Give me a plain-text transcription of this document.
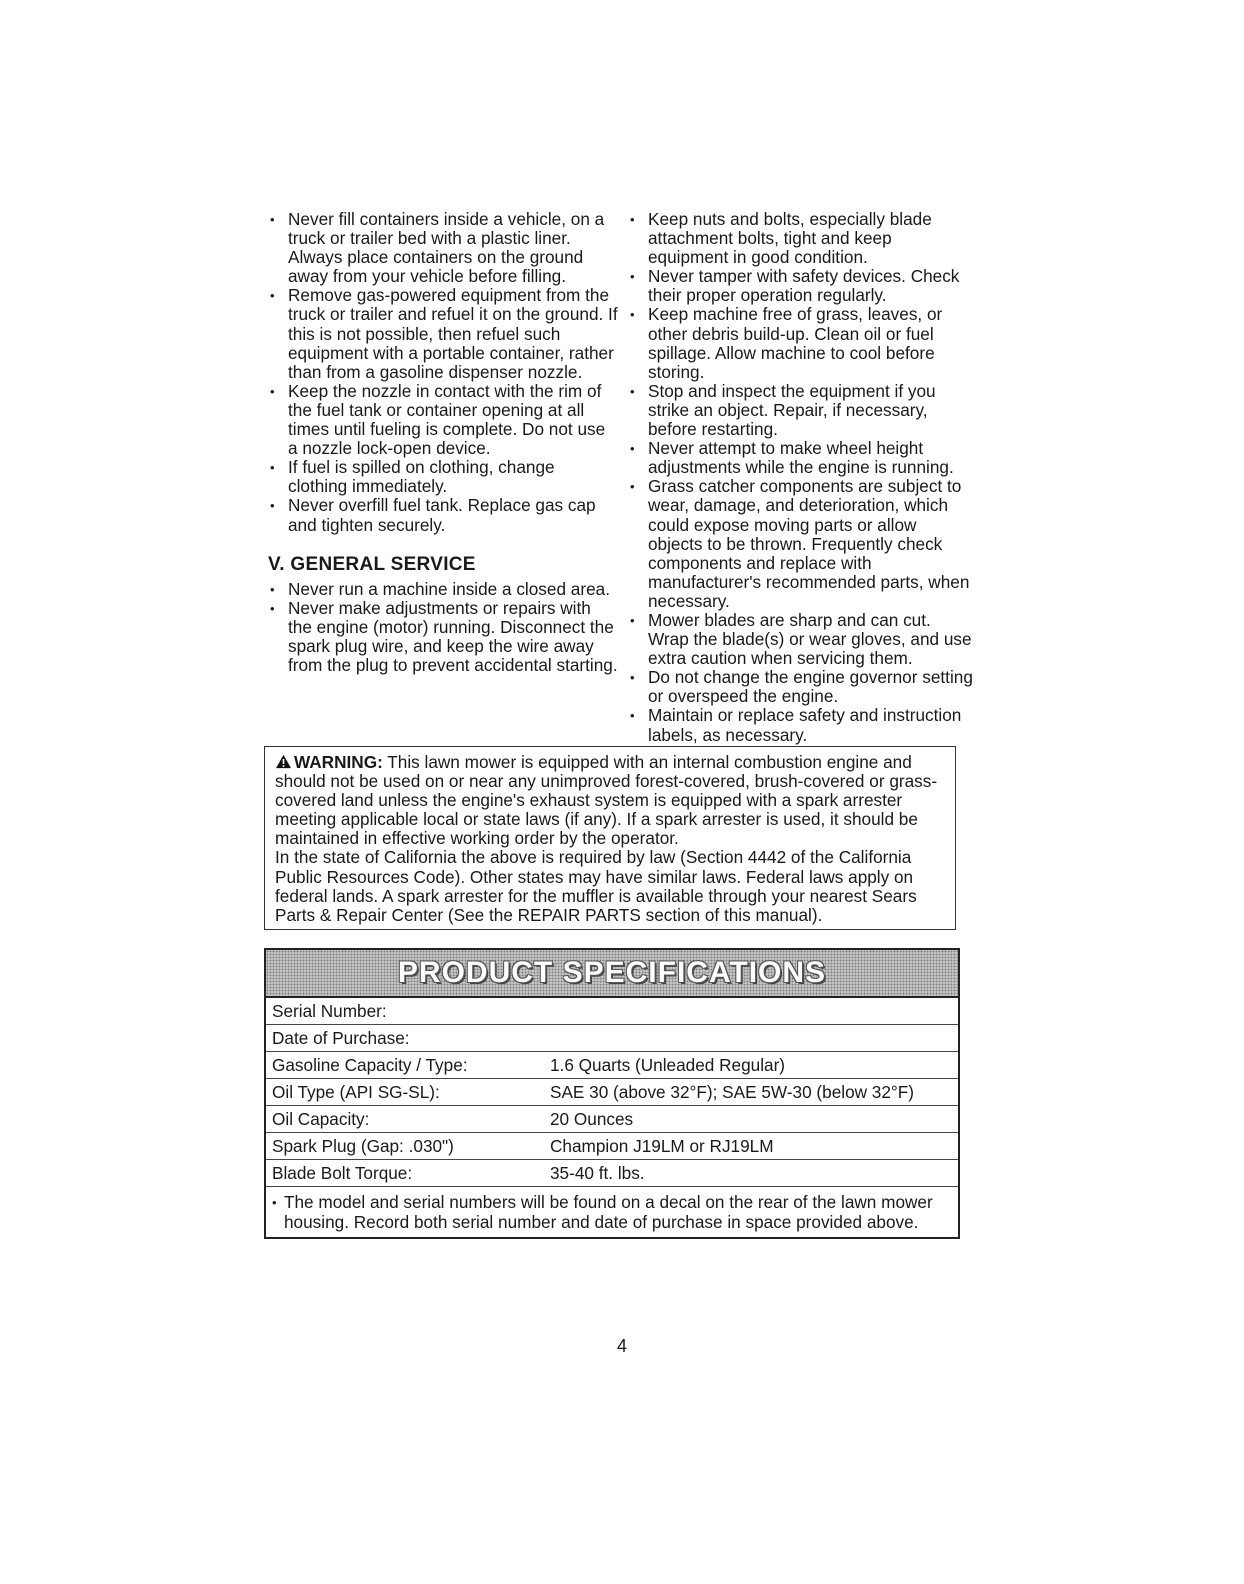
• Never fill containers inside a vehicle, on a truck or trailer bed with a plastic liner. Always place containers on the ground away from your vehicle before filling.
• Remove gas-powered equipment from the truck or trailer and refuel it on the ground. If this is not possible, then refuel such equipment with a portable container, rather than from a gasoline dispenser nozzle.
• Keep the nozzle in contact with the rim of the fuel tank or container opening at all times until fueling is complete. Do not use a nozzle lock-open device.
• If fuel is spilled on clothing, change clothing immediately.
• Never overfill fuel tank. Replace gas cap and tighten securely.
V. GENERAL SERVICE
• Never run a machine inside a closed area.
• Never make adjustments or repairs with the engine (motor) running. Disconnect the spark plug wire, and keep the wire away from the plug to prevent accidental starting.
• Keep nuts and bolts, especially blade attachment bolts, tight and keep equipment in good condition.
• Never tamper with safety devices. Check their proper operation regularly.
• Keep machine free of grass, leaves, or other debris build-up. Clean oil or fuel spillage. Allow machine to cool before storing.
• Stop and inspect the equipment if you strike an object. Repair, if necessary, before restarting.
• Never attempt to make wheel height adjustments while the engine is running.
• Grass catcher components are subject to wear, damage, and deterioration, which could expose moving parts or allow objects to be thrown. Frequently check components and replace with manufacturer's recommended parts, when necessary.
• Mower blades are sharp and can cut. Wrap the blade(s) or wear gloves, and use extra caution when servicing them.
• Do not change the engine governor setting or overspeed the engine.
• Maintain or replace safety and instruction labels, as necessary.

WARNING: This lawn mower is equipped with an internal combustion engine and should not be used on or near any unimproved forest-covered, brush-covered or grass-covered land unless the engine's exhaust system is equipped with a spark arrester meeting applicable local or state laws (if any). If a spark arrester is used, it should be maintained in effective working order by the operator.

In the state of California the above is required by law (Section 4442 of the California Public Resources Code). Other states may have similar laws. Federal laws apply on federal lands. A spark arrester for the muffler is available through your nearest Sears Parts & Repair Center (See the REPAIR PARTS section of this manual).

PRODUCT SPECIFICATIONS
Serial Number:
Date of Purchase:
Gasoline Capacity / Type:	1.6 Quarts (Unleaded Regular)
Oil Type (API SG-SL):	SAE 30 (above 32°F); SAE 5W-30 (below 32°F)
Oil Capacity:	20 Ounces
Spark Plug (Gap: .030")	Champion J19LM or RJ19LM
Blade Bolt Torque:	35-40 ft. lbs.
• The model and serial numbers will be found on a decal on the rear of the lawn mower
housing. Record both serial number and date of purchase in space provided above.
4
